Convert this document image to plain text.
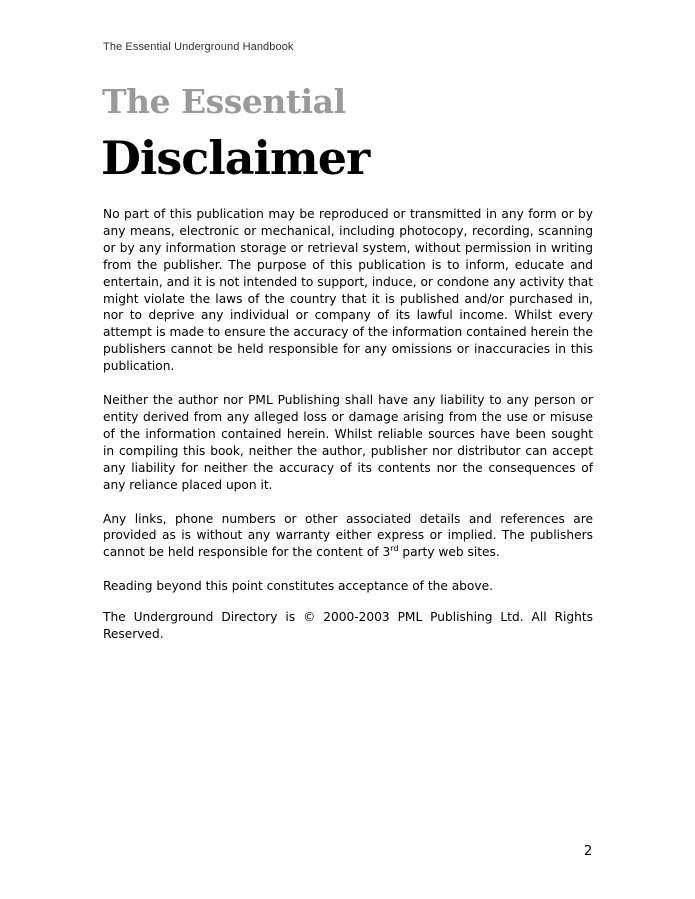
The Essential Underground Handbook
The Essential
Disclaimer

No part of this publication may be reproduced or transmitted in any form or by any means, electronic or mechanical, including photocopy, recording, scanning or by any information storage or retrieval system, without permission in writing from the publisher. The purpose of this publication is to inform, educate and entertain, and it is not intended to support, induce, or condone any activity that might violate the laws of the country that it is published and/or purchased in, nor to deprive any individual or company of its lawful income. Whilst every attempt is made to ensure the accuracy of the information contained herein the publishers cannot be held responsible for any omissions or inaccuracies in this publication.

Neither the author nor PML Publishing shall have any liability to any person or entity derived from any alleged loss or damage arising from the use or misuse of the information contained herein. Whilst reliable sources have been sought in compiling this book, neither the author, publisher nor distributor can accept any liability for neither the accuracy of its contents nor the consequences of any reliance placed upon it.

Any links, phone numbers or other associated details and references are provided as is without any warranty either express or implied. The publishers cannot be held responsible for the content of 3rd party web sites.

Reading beyond this point constitutes acceptance of the above.

The Underground Directory is © 2000-2003 PML Publishing Ltd. All Rights Reserved.

2
